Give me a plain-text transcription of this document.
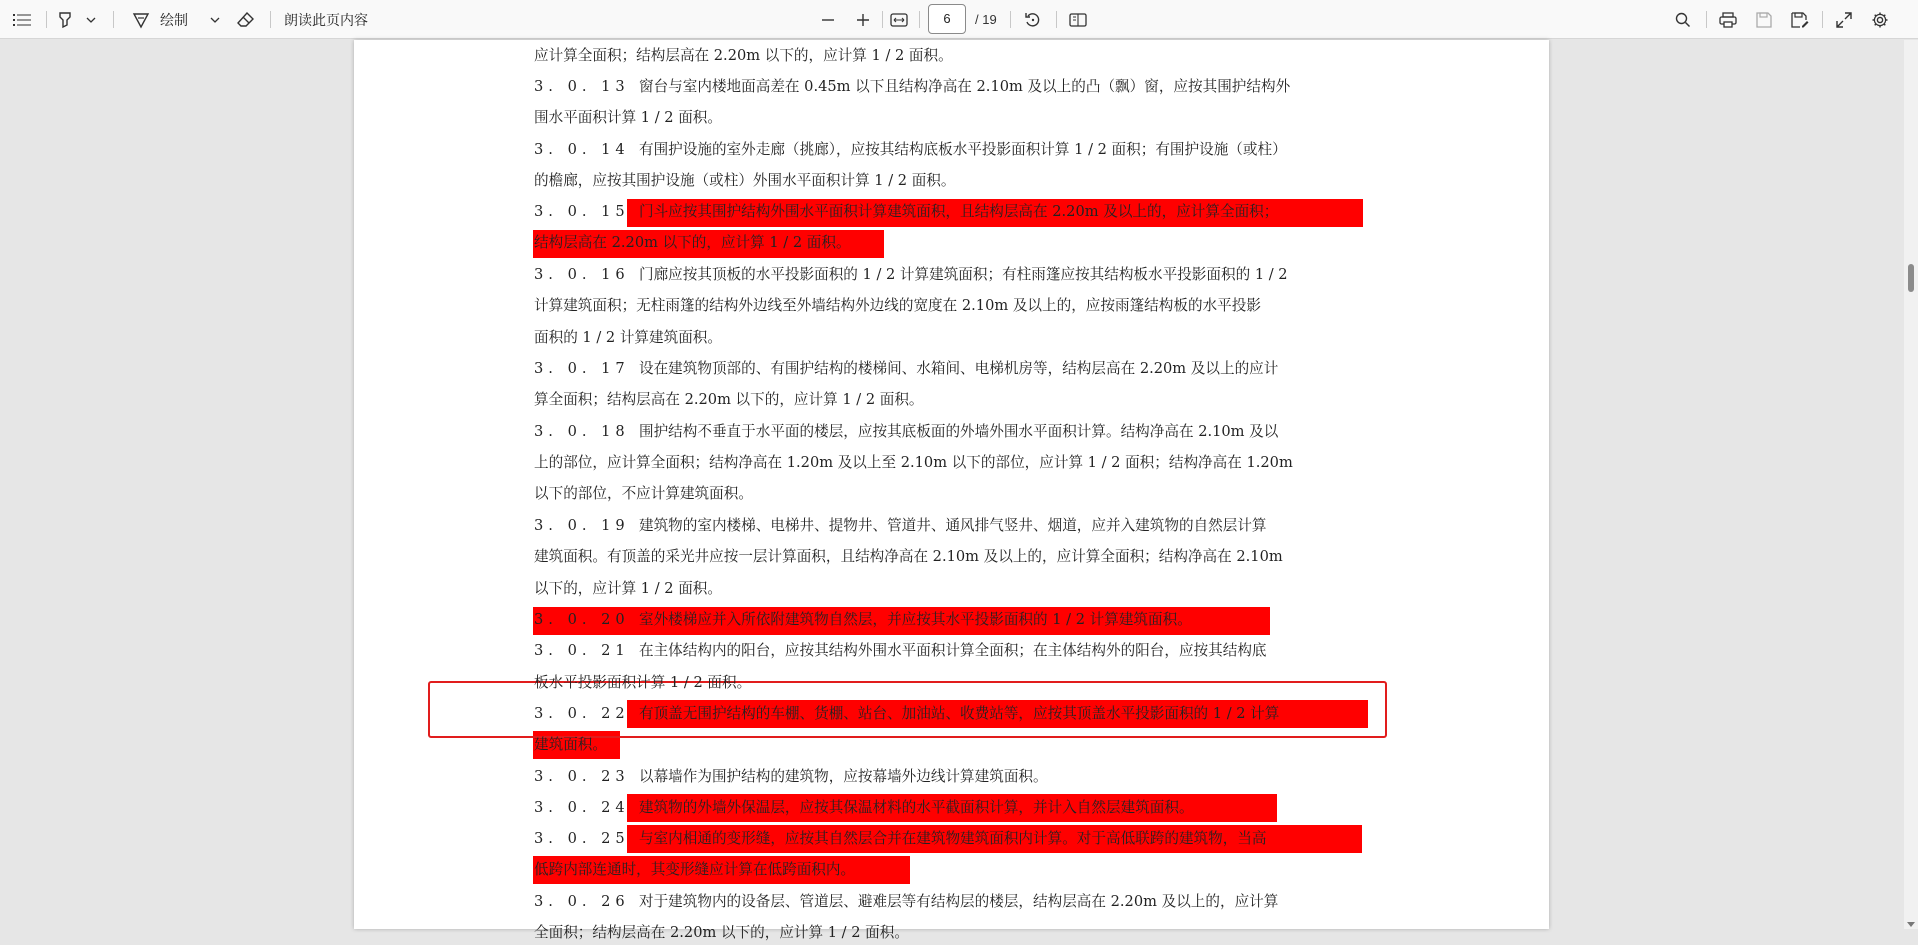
绘制	朗读此页内容	6	/ 19
应计算全面积；结构层高在 2.20m 以下的，应计算 1 / 2 面积。
3. 0. 13 窗台与室内楼地面高差在 0.45m 以下且结构净高在 2.10m 及以上的凸（飘）窗，应按其围护结构外
围水平面积计算 1 / 2 面积。
3. 0. 14 有围护设施的室外走廊（挑廊），应按其结构底板水平投影面积计算 1 / 2 面积；有围护设施（或柱）
的檐廊，应按其围护设施（或柱）外围水平面积计算 1 / 2 面积。
3. 0. 15 门斗应按其围护结构外围水平面积计算建筑面积，且结构层高在 2.20m 及以上的，应计算全面积；
结构层高在 2.20m 以下的，应计算 1 / 2 面积。
3. 0. 16 门廊应按其顶板的水平投影面积的 1 / 2 计算建筑面积；有柱雨篷应按其结构板水平投影面积的 1 / 2
计算建筑面积；无柱雨篷的结构外边线至外墙结构外边线的宽度在 2.10m 及以上的，应按雨篷结构板的水平投影
面积的 1 / 2 计算建筑面积。
3. 0. 17 设在建筑物顶部的、有围护结构的楼梯间、水箱间、电梯机房等，结构层高在 2.20m 及以上的应计
算全面积；结构层高在 2.20m 以下的，应计算 1 / 2 面积。
3. 0. 18 围护结构不垂直于水平面的楼层，应按其底板面的外墙外围水平面积计算。结构净高在 2.10m 及以
上的部位，应计算全面积；结构净高在 1.20m 及以上至 2.10m 以下的部位，应计算 1 / 2 面积；结构净高在 1.20m
以下的部位，不应计算建筑面积。
3. 0. 19 建筑物的室内楼梯、电梯井、提物井、管道井、通风排气竖井、烟道，应并入建筑物的自然层计算
建筑面积。有顶盖的采光井应按一层计算面积，且结构净高在 2.10m 及以上的，应计算全面积；结构净高在 2.10m
以下的，应计算 1 / 2 面积。
3. 0. 20 室外楼梯应并入所依附建筑物自然层，并应按其水平投影面积的 1 / 2 计算建筑面积。
3. 0. 21 在主体结构内的阳台，应按其结构外围水平面积计算全面积；在主体结构外的阳台，应按其结构底
板水平投影面积计算 1 / 2 面积。
3. 0. 22 有顶盖无围护结构的车棚、货棚、站台、加油站、收费站等，应按其顶盖水平投影面积的 1 / 2 计算
建筑面积。
3. 0. 23 以幕墙作为围护结构的建筑物，应按幕墙外边线计算建筑面积。
3. 0. 24 建筑物的外墙外保温层，应按其保温材料的水平截面积计算，并计入自然层建筑面积。
3. 0. 25 与室内相通的变形缝，应按其自然层合并在建筑物建筑面积内计算。对于高低联跨的建筑物，当高
低跨内部连通时，其变形缝应计算在低跨面积内。
3. 0. 26 对于建筑物内的设备层、管道层、避难层等有结构层的楼层，结构层高在 2.20m 及以上的，应计算
全面积；结构层高在 2.20m 以下的，应计算 1 / 2 面积。
